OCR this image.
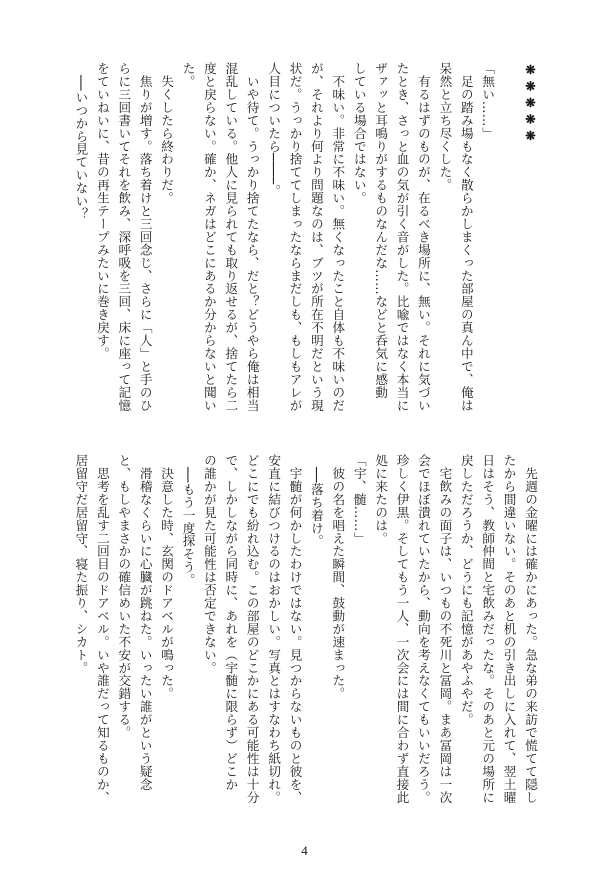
❋❋❋❋❋

「無い……」
　足の踏み場もなく散らかしまくった部屋の真ん中で、俺は
呆然と立ち尽くした。
　有るはずのものが、在るべき場所に、無い。それに気づい
たとき、さっと血の気が引く音がした。比喩ではなく本当に
ザァッと耳鳴りがするものなんだな……などと呑気に感動
している場合ではない。
　不味い。非常に不味い。無くなったこと自体も不味いのだ
が、それより何より問題なのは、ブツが所在不明だという現
状だ。うっかり捨ててしまったならまだしも、もしもアレが
人目についたら────。
　いや待て。うっかり捨てたなら、だと？どうやら俺は相当
混乱している。他人に見られても取り返せるが、捨てたら二
度と戻らない。確か、ネガはどこにあるか分からないと聞い
た。
　失くしたら終わりだ。
　焦りが増す。落ち着けと三回念じ、さらに「人」と手のひ
らに三回書いてそれを飲み、深呼吸を三回、床に座って記憶
をていねいに、昔の再生テープみたいに巻き戻す。
　──いつから見ていない？
　先週の金曜には確かにあった。急な弟の来訪で慌てて隠し
たから間違いない。そのあと机の引き出しに入れて、翌土曜
日はそう、教師仲間と宅飲みだったな。そのあと元の場所に
戻しただろうか、どうにも記憶があやふやだ。
　宅飲みの面子は、いつもの不死川と冨岡。まあ冨岡は一次
会でほぼ潰れていたから、動向を考えなくてもいいだろう。
珍しく伊黒。そしてもう一人、一次会には間に合わず直接此
処に来たのは。
「宇、髄……」
　彼の名を唱えた瞬間、鼓動が速まった。
　──落ち着け。
　宇髄が何かしたわけではない。見つからないものと彼を、
安直に結びつけるのはおかしい。写真とはすなわち紙切れ。
どこにでも紛れ込む。この部屋のどこかにある可能性は十分
で、しかしながら同時に、あれを（宇髄に限らず）どこか
の誰かが見た可能性は否定できない。
　──もう一度探そう。
　決意した時、玄関のドアベルが鳴った。
　滑稽なくらいに心臓が跳ねた。いったい誰がという疑念
と、もしやまさかの確信めいた不安が交錯する。
　思考を乱す二回目のドアベル。いや誰だって知るものか、
居留守だ居留守、寝た振り、シカト。
4
